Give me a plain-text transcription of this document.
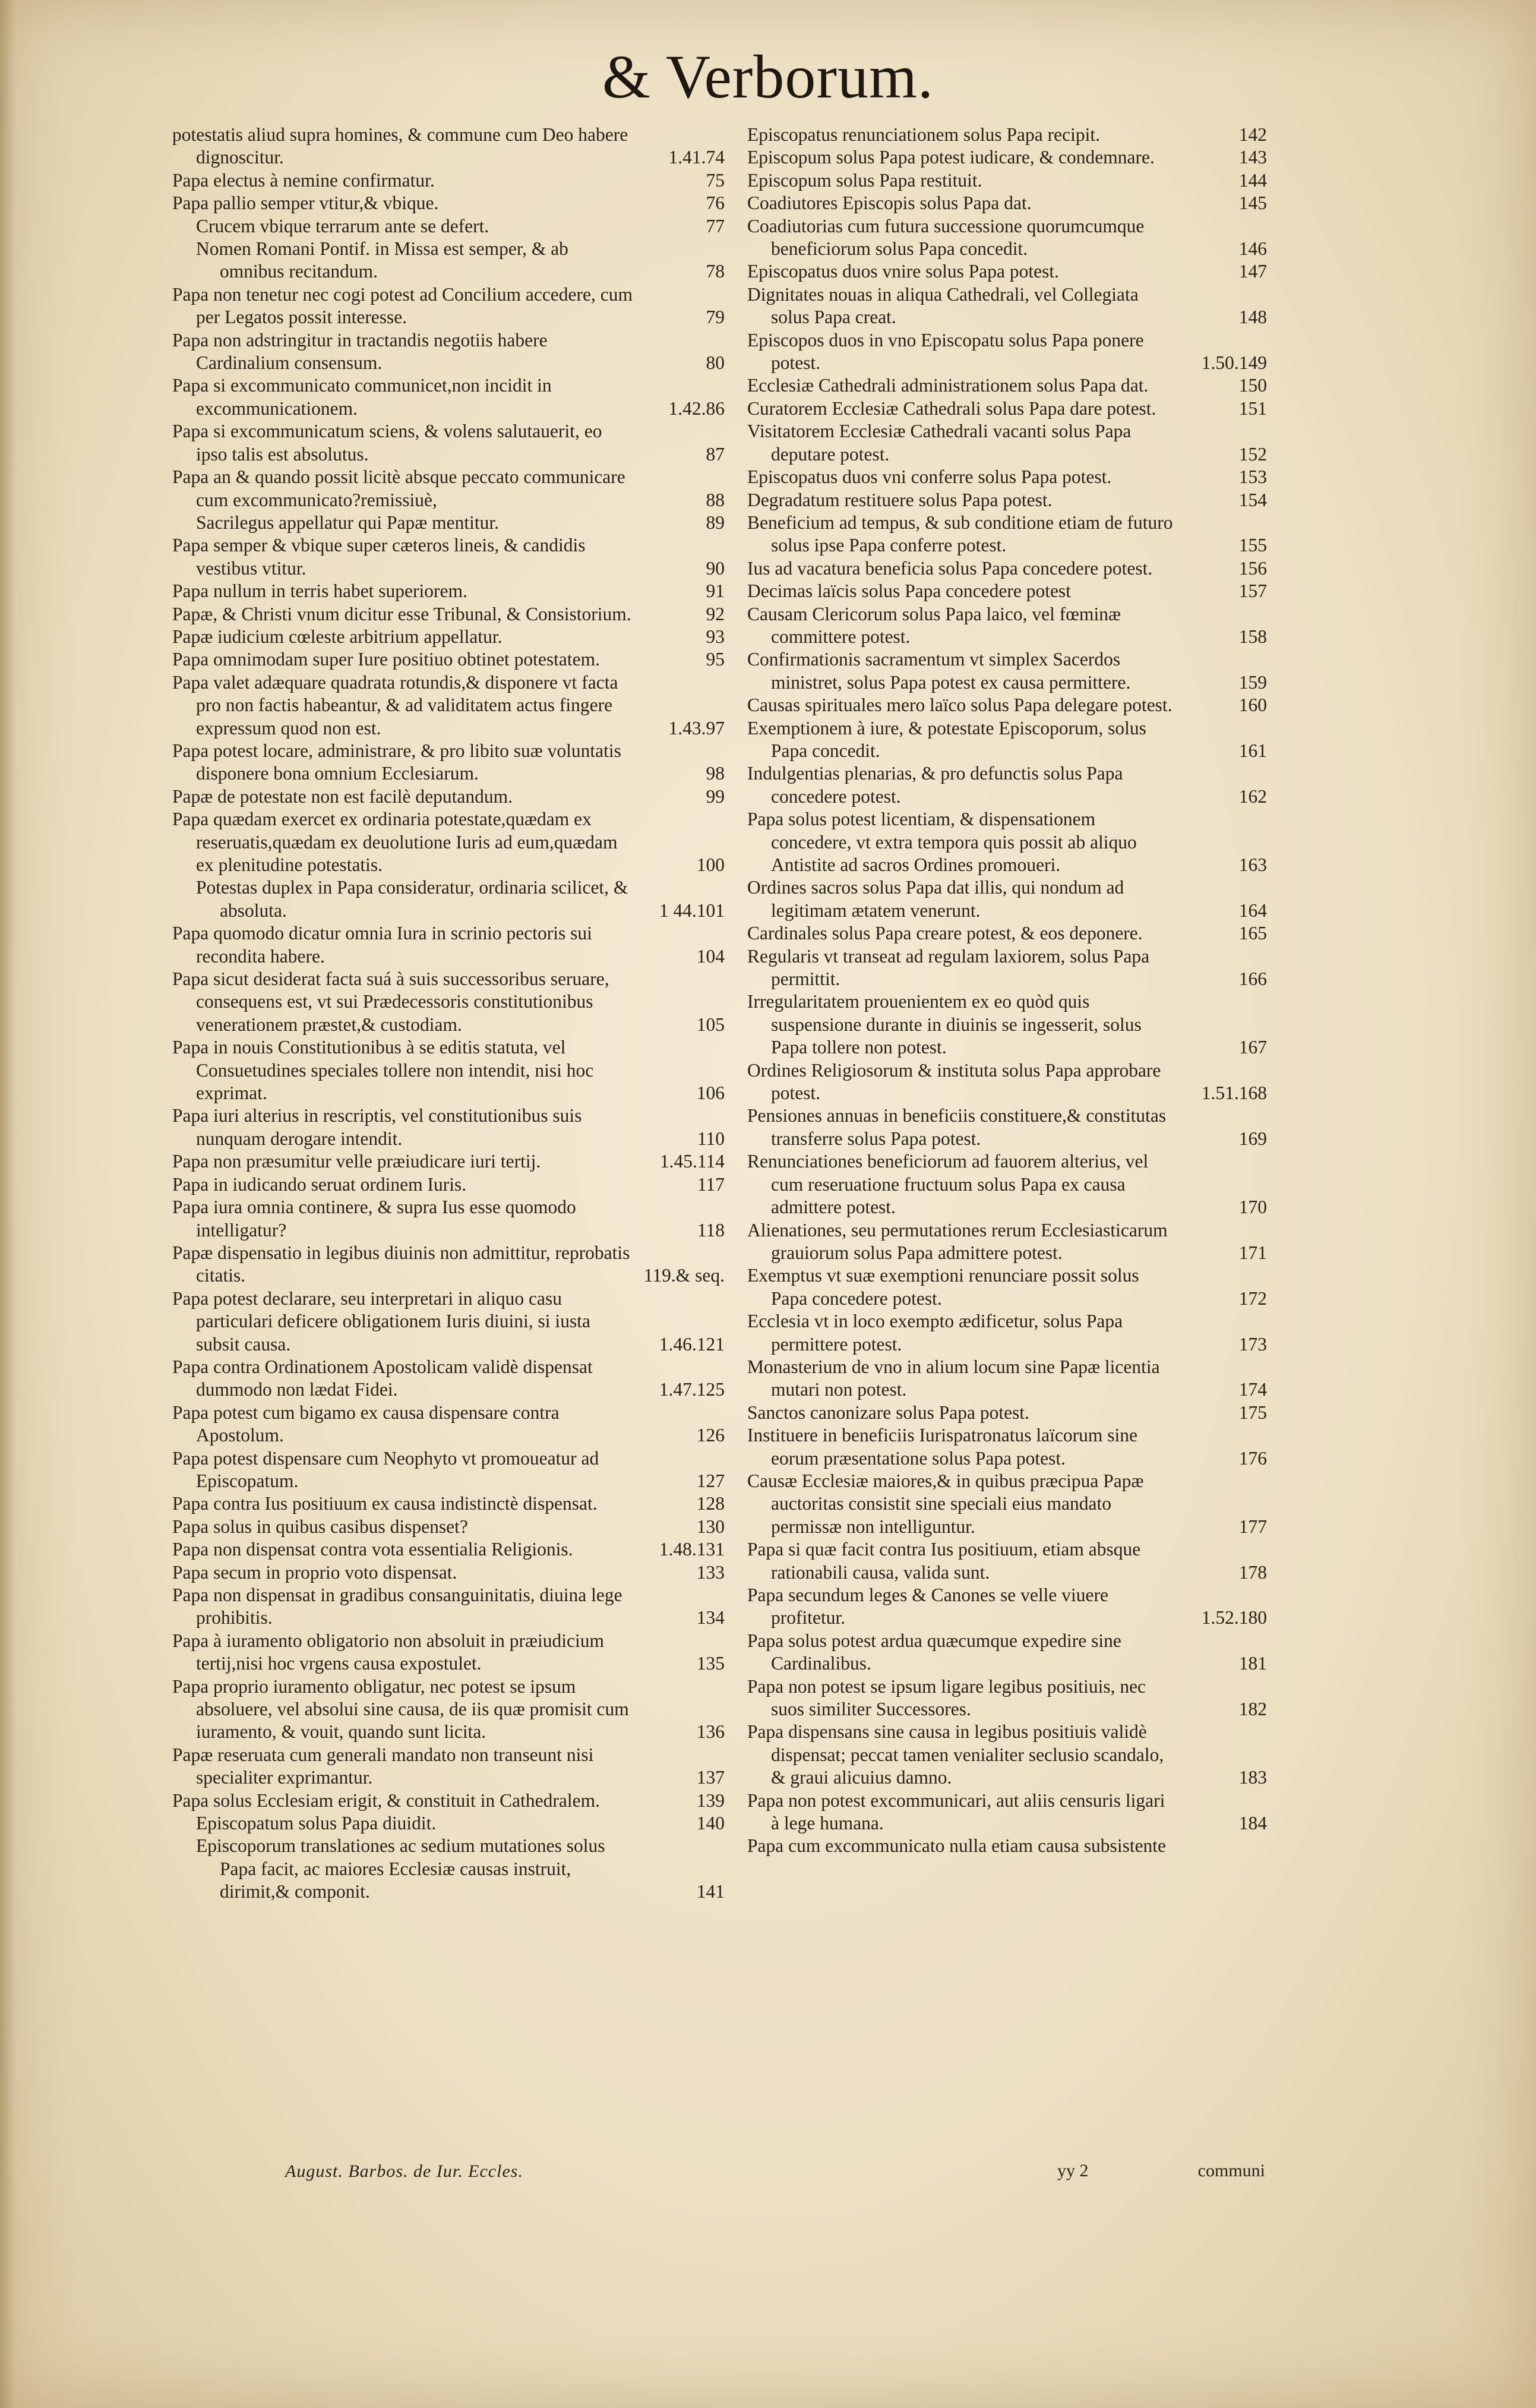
& Verborum.
potestatis aliud supra homines, & commune cum Deo habere dignoscitur.	1.41.74
Papa electus à nemine confirmatur.	75
Papa pallio semper vtitur,& vbique.	76
Crucem vbique terrarum ante se defert.	77
Nomen Romani Pontif. in Missa est semper, & ab omnibus recitandum.	78
Papa non tenetur nec cogi potest ad Concilium accedere, cum per Legatos possit interesse.	79
Papa non adstringitur in tractandis negotiis habere Cardinalium consensum.	80
Papa si excommunicato communicet,non incidit in excommunicationem.	1.42.86
Papa si excommunicatum sciens, & volens salutauerit, eo ipso talis est absolutus.	87
Papa an & quando possit licitè absque peccato communicare cum excommunicato?remissiuè,	88
Sacrilegus appellatur qui Papæ mentitur.	89
Papa semper & vbique super cæteros lineis, & candidis vestibus vtitur.	90
Papa nullum in terris habet superiorem.	91
Papæ, & Christi vnum dicitur esse Tribunal, & Consistorium.	92
Papæ iudicium cœleste arbitrium appellatur.	93
Papa omnimodam super Iure positiuo obtinet potestatem.	95
Papa valet adæquare quadrata rotundis,& disponere vt facta pro non factis habeantur, & ad validitatem actus fingere expressum quod non est.	1.43.97
Papa potest locare, administrare, & pro libito suæ voluntatis disponere bona omnium Ecclesiarum.	98
Papæ de potestate non est facilè deputandum.	99
Papa quædam exercet ex ordinaria potestate,quædam ex reseruatis,quædam ex deuolutione Iuris ad eum,quædam ex plenitudine potestatis.	100
Potestas duplex in Papa consideratur, ordinaria scilicet, & absoluta.	1 44.101
Papa quomodo dicatur omnia Iura in scrinio pectoris sui recondita habere.	104
Papa sicut desiderat facta suá à suis successoribus seruare, consequens est, vt sui Prædecessoris constitutionibus venerationem præstet,& custodiam.	105
Papa in nouis Constitutionibus à se editis statuta, vel Consuetudines speciales tollere non intendit, nisi hoc exprimat.	106
Papa iuri alterius in rescriptis, vel constitutionibus suis nunquam derogare intendit.	110
Papa non præsumitur velle præiudicare iuri tertij.	1.45.114
Papa in iudicando seruat ordinem Iuris.	117
Papa iura omnia continere, & supra Ius esse quomodo intelligatur?	118
Papæ dispensatio in legibus diuinis non admittitur, reprobatis citatis.	119.& seq.
Papa potest declarare, seu interpretari in aliquo casu particulari deficere obligationem Iuris diuini, si iusta subsit causa.	1.46.121
Papa contra Ordinationem Apostolicam validè dispensat dummodo non lædat Fidei.	1.47.125
Papa potest cum bigamo ex causa dispensare contra Apostolum.	126
Papa potest dispensare cum Neophyto vt promoueatur ad Episcopatum.	127
Papa contra Ius positiuum ex causa indistinctè dispensat.	128
Papa solus in quibus casibus dispenset?	130
Papa non dispensat contra vota essentialia Religionis.	1.48.131
Papa secum in proprio voto dispensat.	133
Papa non dispensat in gradibus consanguinitatis, diuina lege prohibitis.	134
Papa à iuramento obligatorio non absoluit in præiudicium tertij,nisi hoc vrgens causa expostulet.	135
Papa proprio iuramento obligatur, nec potest se ipsum absoluere, vel absolui sine causa, de iis quæ promisit cum iuramento, & vouit, quando sunt licita.	136
Papæ reseruata cum generali mandato non transeunt nisi specialiter exprimantur.	137
Papa solus Ecclesiam erigit, & constituit in Cathedralem.	139
Episcopatum solus Papa diuidit.	140
Episcoporum translationes ac sedium mutationes solus Papa facit, ac maiores Ecclesiæ causas instruit, dirimit,& componit.	141
Episcopatus renunciationem solus Papa recipit.	142
Episcopum solus Papa potest iudicare, & condemnare.	143
Episcopum solus Papa restituit.	144
Coadiutores Episcopis solus Papa dat.	145
Coadiutorias cum futura successione quorumcumque beneficiorum solus Papa concedit.	146
Episcopatus duos vnire solus Papa potest.	147
Dignitates nouas in aliqua Cathedrali, vel Collegiata solus Papa creat.	148
Episcopos duos in vno Episcopatu solus Papa ponere potest.	1.50.149
Ecclesiæ Cathedrali administrationem solus Papa dat.	150
Curatorem Ecclesiæ Cathedrali solus Papa dare potest.	151
Visitatorem Ecclesiæ Cathedrali vacanti solus Papa deputare potest.	152
Episcopatus duos vni conferre solus Papa potest.	153
Degradatum restituere solus Papa potest.	154
Beneficium ad tempus, & sub conditione etiam de futuro solus ipse Papa conferre potest.	155
Ius ad vacatura beneficia solus Papa concedere potest.	156
Decimas laïcis solus Papa concedere potest	157
Causam Clericorum solus Papa laico, vel fœminæ committere potest.	158
Confirmationis sacramentum vt simplex Sacerdos ministret, solus Papa potest ex causa permittere.	159
Causas spirituales mero laïco solus Papa delegare potest.	160
Exemptionem à iure, & potestate Episcoporum, solus Papa concedit.	161
Indulgentias plenarias, & pro defunctis solus Papa concedere potest.	162
Papa solus potest licentiam, & dispensationem concedere, vt extra tempora quis possit ab aliquo Antistite ad sacros Ordines promoueri.	163
Ordines sacros solus Papa dat illis, qui nondum ad legitimam ætatem venerunt.	164
Cardinales solus Papa creare potest, & eos deponere.	165
Regularis vt transeat ad regulam laxiorem, solus Papa permittit.	166
Irregularitatem prouenientem ex eo quòd quis suspensione durante in diuinis se ingesserit, solus Papa tollere non potest.	167
Ordines Religiosorum & instituta solus Papa approbare potest.	1.51.168
Pensiones annuas in beneficiis constituere,& constitutas transferre solus Papa potest.	169
Renunciationes beneficiorum ad fauorem alterius, vel cum reseruatione fructuum solus Papa ex causa admittere potest.	170
Alienationes, seu permutationes rerum Ecclesiasticarum grauiorum solus Papa admittere potest.	171
Exemptus vt suæ exemptioni renunciare possit solus Papa concedere potest.	172
Ecclesia vt in loco exempto ædificetur, solus Papa permittere potest.	173
Monasterium de vno in alium locum sine Papæ licentia mutari non potest.	174
Sanctos canonizare solus Papa potest.	175
Instituere in beneficiis Iurispatronatus laïcorum sine eorum præsentatione solus Papa potest.	176
Causæ Ecclesiæ maiores,& in quibus præcipua Papæ auctoritas consistit sine speciali eius mandato permissæ non intelliguntur.	177
Papa si quæ facit contra Ius positiuum, etiam absque rationabili causa, valida sunt.	178
Papa secundum leges & Canones se velle viuere profitetur.	1.52.180
Papa solus potest ardua quæcumque expedire sine Cardinalibus.	181
Papa non potest se ipsum ligare legibus positiuis, nec suos similiter Successores.	182
Papa dispensans sine causa in legibus positiuis validè dispensat; peccat tamen venialiter seclusio scandalo, & graui alicuius damno.	183
Papa non potest excommunicari, aut aliis censuris ligari à lege humana.	184
Papa cum excommunicato nulla etiam causa subsistente
August. Barbos. de Iur. Eccles.	yy 2	communi
